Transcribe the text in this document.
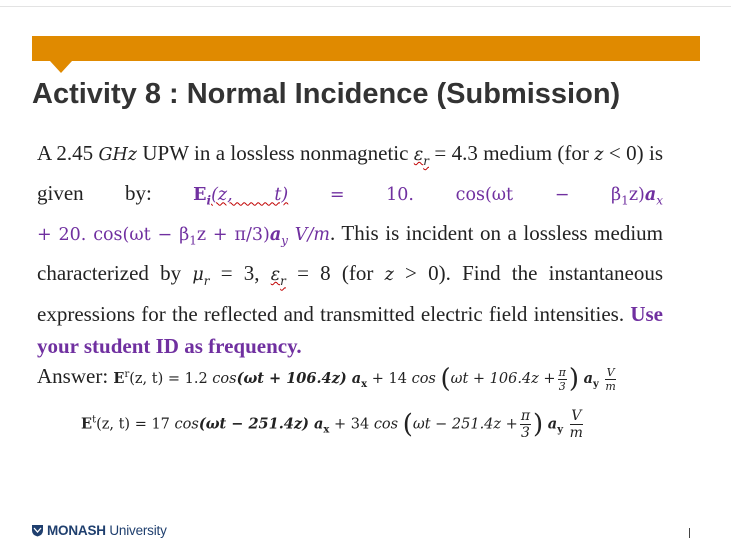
Activity 8 : Normal Incidence (Submission)
A 2.45 GHz UPW in a lossless nonmagnetic $\varepsilon_r = 4.3$ medium (for z < 0) is given by: $E_i(z$, t) = 10. $\cos(\omega t - \beta_1z)a_x + 20$. $\cos(\omega t - \beta_1z + \pi/3)a_y$ V/m. This is incident on a lossless medium characterized by $\mu_r = 3$, $\varepsilon_r = 8$ (for z > 0). Find the instantaneous expressions for the reflected and transmitted electric field intensities. Use your student ID as frequency.
Answer: $E^r(z$, t) = 1.2 cos(ωt + 106.4z) $a_x + 14$ $\cos (\omega t + 106.4z + \frac{\pi}{3}$ ) $a_y \frac{V}{m}$
$E^t(z$, t) = 17 cos(ωt − 251.4z) $a_x + 34$ $\cos (\omega t - 251.4z + \frac{\pi}{3}$ ) $a_y \frac{V}{m}$
MONASH University
